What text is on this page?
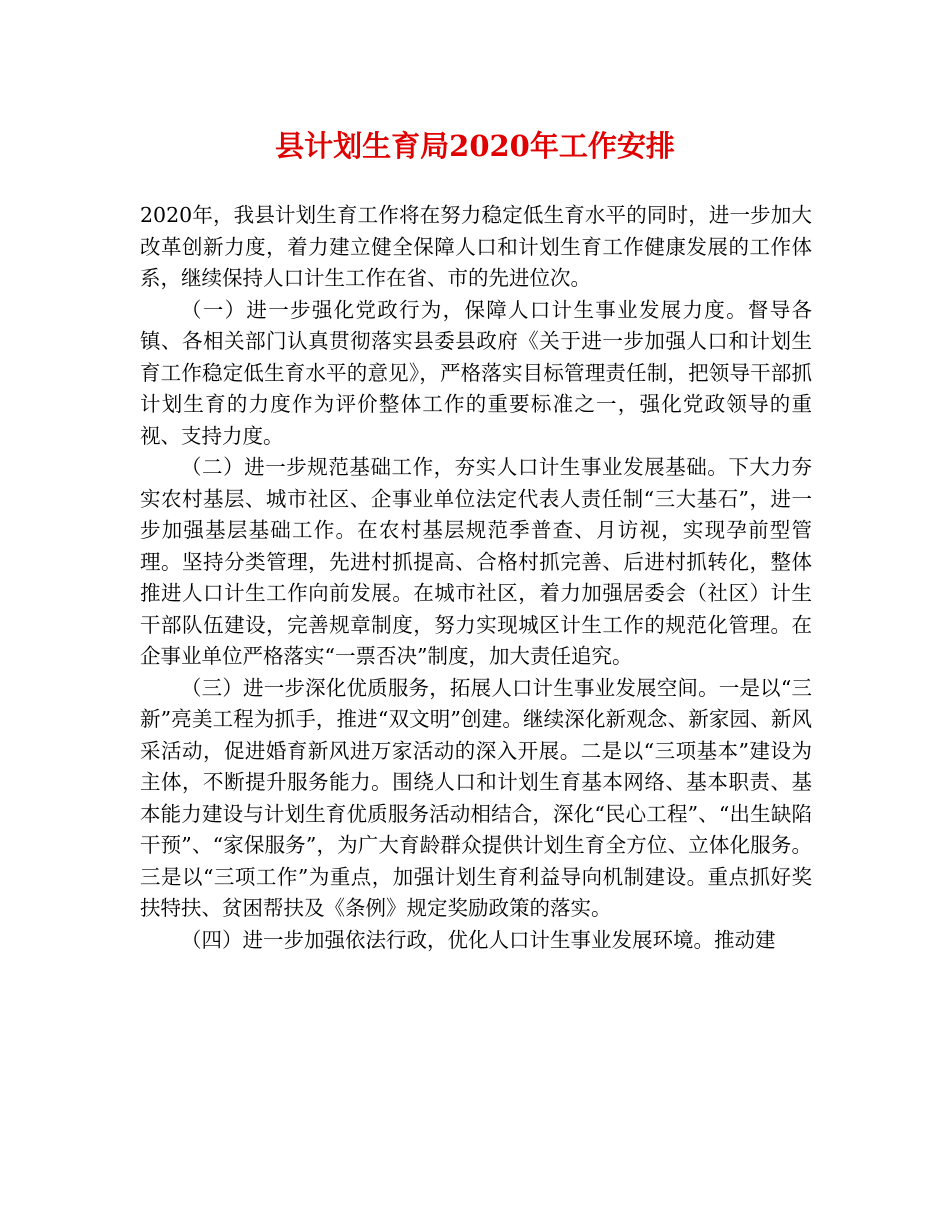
县计划生育局2020年工作安排

2020年，我县计划生育工作将在努力稳定低生育水平的同时，进一步加大改革创新力度，着力建立健全保障人口和计划生育工作健康发展的工作体系，继续保持人口计生工作在省、市的先进位次。

（一）进一步强化党政行为，保障人口计生事业发展力度。督导各镇、各相关部门认真贯彻落实县委县政府《关于进一步加强人口和计划生育工作稳定低生育水平的意见》，严格落实目标管理责任制，把领导干部抓计划生育的力度作为评价整体工作的重要标准之一，强化党政领导的重视、支持力度。

（二）进一步规范基础工作，夯实人口计生事业发展基础。下大力夯实农村基层、城市社区、企事业单位法定代表人责任制“三大基石”，进一步加强基层基础工作。在农村基层规范季普查、月访视，实现孕前型管理。坚持分类管理，先进村抓提高、合格村抓完善、后进村抓转化，整体推进人口计生工作向前发展。在城市社区，着力加强居委会（社区）计生干部队伍建设，完善规章制度，努力实现城区计生工作的规范化管理。在企事业单位严格落实“一票否决”制度，加大责任追究。

（三）进一步深化优质服务，拓展人口计生事业发展空间。一是以“三新”亮美工程为抓手，推进“双文明”创建。继续深化新观念、新家园、新风采活动，促进婚育新风进万家活动的深入开展。二是以“三项基本”建设为主体，不断提升服务能力。围绕人口和计划生育基本网络、基本职责、基本能力建设与计划生育优质服务活动相结合，深化“民心工程”、“出生缺陷干预”、“家保服务”，为广大育龄群众提供计划生育全方位、立体化服务。三是以“三项工作”为重点，加强计划生育利益导向机制建设。重点抓好奖扶特扶、贫困帮扶及《条例》规定奖励政策的落实。

（四）进一步加强依法行政，优化人口计生事业发展环境。推动建
